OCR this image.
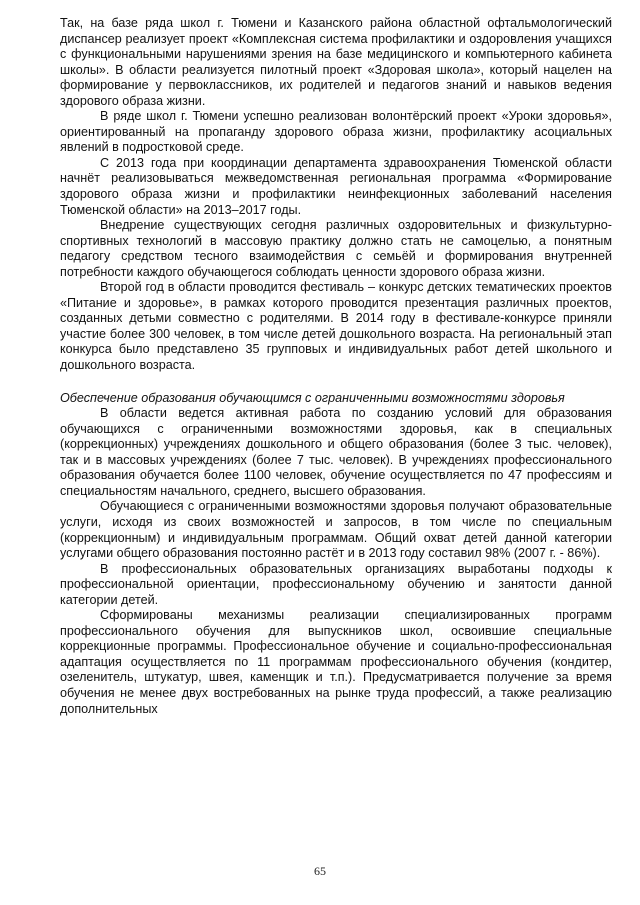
Так, на базе ряда школ г. Тюмени и Казанского района областной офтальмологический диспансер реализует проект «Комплексная система профилактики и оздоровления учащихся с функциональными нарушениями зрения на базе медицинского и компьютерного кабинета школы». В области реализуется пилотный проект «Здоровая школа», который нацелен на формирование у первоклассников, их родителей и педагогов знаний и навыков ведения здорового образа жизни.

В ряде школ г. Тюмени успешно реализован волонтёрский проект «Уроки здоровья», ориентированный на пропаганду здорового образа жизни, профилактику асоциальных явлений в подростковой среде.

С 2013 года при координации департамента здравоохранения Тюменской области начнёт реализовываться межведомственная региональная программа «Формирование здорового образа жизни и профилактики неинфекционных заболеваний населения Тюменской области» на 2013–2017 годы.

Внедрение существующих сегодня различных оздоровительных и физкультурно-спортивных технологий в массовую практику должно стать не самоцелью, а понятным педагогу средством тесного взаимодействия с семьёй и формирования внутренней потребности каждого обучающегося соблюдать ценности здорового образа жизни.

Второй год в области проводится фестиваль – конкурс детских тематических проектов «Питание и здоровье», в рамках которого проводится презентация различных проектов, созданных детьми совместно с родителями. В 2014 году в фестивале-конкурсе приняли участие более 300 человек, в том числе детей дошкольного возраста. На региональный этап конкурса было представлено 35 групповых и индивидуальных работ детей школьного и дошкольного возраста.

Обеспечение образования обучающимся с ограниченными возможностями здоровья

В области ведется активная работа по созданию условий для образования обучающихся с ограниченными возможностями здоровья, как в специальных (коррекционных) учреждениях дошкольного и общего образования (более 3 тыс. человек), так и в массовых учреждениях (более 7 тыс. человек). В учреждениях профессионального образования обучается более 1100 человек, обучение осуществляется по 47 профессиям и специальностям начального, среднего, высшего образования.

Обучающиеся с ограниченными возможностями здоровья получают образовательные услуги, исходя из своих возможностей и запросов, в том числе по специальным (коррекционным) и индивидуальным программам. Общий охват детей данной категории услугами общего образования постоянно растёт и в 2013 году составил 98% (2007 г. - 86%).

В профессиональных образовательных организациях выработаны подходы к профессиональной ориентации, профессиональному обучению и занятости данной категории детей.

Сформированы механизмы реализации специализированных программ профессионального обучения для выпускников школ, освоившие специальные коррекционные программы. Профессиональное обучение и социально-профессиональная адаптация осуществляется по 11 программам профессионального обучения (кондитер, озеленитель, штукатур, швея, каменщик и т.п.). Предусматривается получение за время обучения не менее двух востребованных на рынке труда профессий, а также реализацию дополнительных

65
